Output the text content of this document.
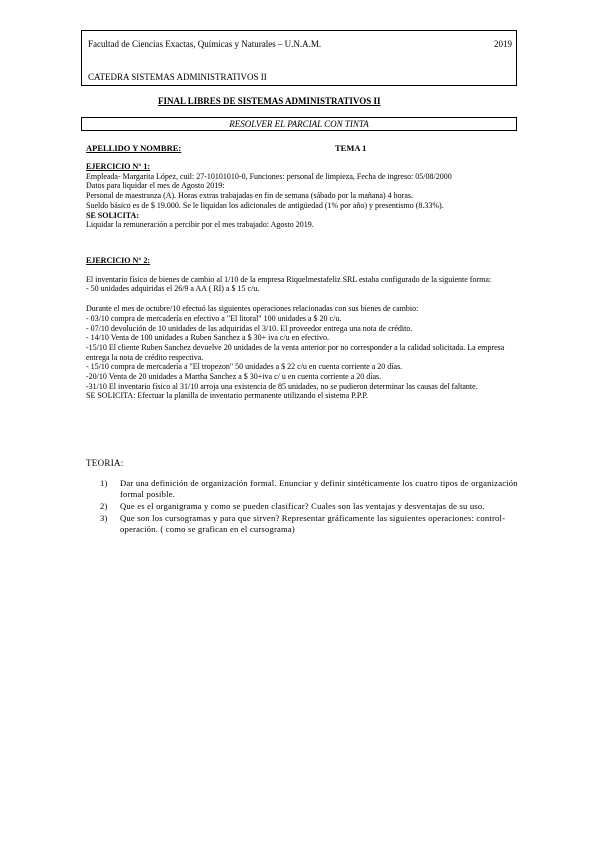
Facultad de Ciencias Exactas, Químicas y Naturales – U.N.A.M.	2019
CATEDRA SISTEMAS ADMINISTRATIVOS II
FINAL LIBRES DE SISTEMAS ADMINISTRATIVOS II
RESOLVER EL PARCIAL CON TINTA
APELLIDO Y NOMBRE:	TEMA 1
EJERCICIO N° 1:
Empleada- Margarita López, cuil: 27-10101010-0, Funciones: personal de limpieza, Fecha de ingreso: 05/08/2000
Datos para liquidar el mes de Agosto 2019:
Personal de maestranza (A). Horas extras trabajadas en fin de semana (sábado por la mañana) 4 horas.
Sueldo básico es de $ 19.000. Se le liquidan los adicionales de antigüedad (1% por año) y presentismo (8.33%).
SE SOLICITA:
Liquidar la remuneración a percibir por el mes trabajado: Agosto 2019.
EJERCICIO N° 2:
El inventario físico de bienes de cambio al 1/10 de la empresa Riquelmestafeliz SRL estaba configurado de la siguiente forma:
- 50 unidades adquiridas el 26/9 a AA ( RI) a $ 15 c/u.
Durante el mes de octubre/10 efectuó las siguientes operaciones relacionadas con sus bienes de cambio:
- 03/10 compra de mercadería en efectivo a "El litoral" 100 unidades a $ 20 c/u.
- 07/10 devolución de 10 unidades de las adquiridas el 3/10. El proveedor entrega una nota de crédito.
- 14/10 Venta de 100 unidades a Ruben Sanchez a $ 30+ iva c/u en efectivo.
-15/10 El cliente Ruben Sanchez devuelve 20 unidades de la venta anterior por no corresponder a la calidad solicitada. La empresa entrega la nota de crédito respectiva.
- 15/10 compra de mercadería a "El tropezon" 50 unidades a $ 22 c/u en cuenta corriente a 20 días.
-20/10 Venta de 20 unidades a Martha Sanchez a $ 30+iva c/ u en cuenta corriente a 20 días.
-31/10 El inventario físico al 31/10 arroja una existencia de 85 unidades, no se pudieron determinar las causas del faltante.
SE SOLICITA: Efectuar la planilla de inventario permanente utilizando el sistema P.P.P.
TEORIA:
1)	Dar una definición de organización formal. Enunciar y definir sintéticamente los cuatro tipos de organización formal posible.
2)	Que es el organigrama y como se pueden clasificar? Cuales son las ventajas y desventajas de su uso.
3)	Que son los cursogramas y para que sirven? Representar gráficamente las siguientes operaciones: control- operación. ( como se grafican en el cursograma)
